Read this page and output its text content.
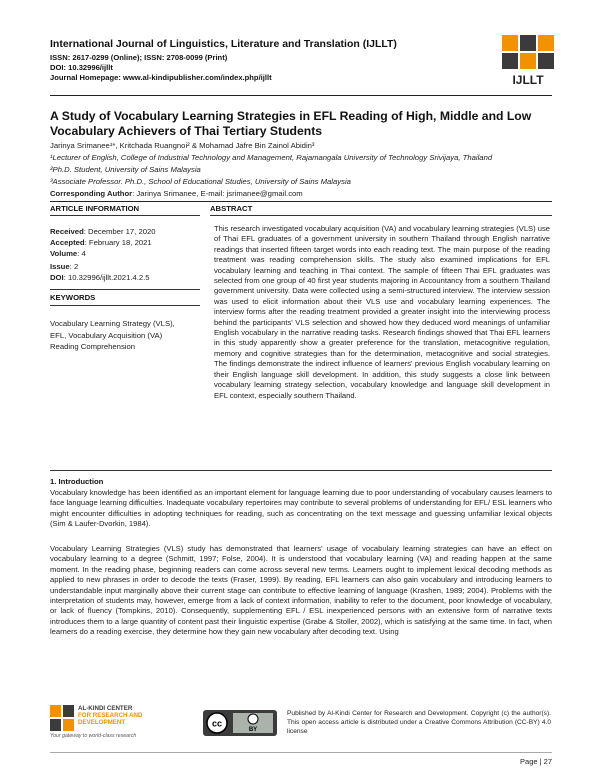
International Journal of Linguistics, Literature and Translation (IJLLT)
ISSN: 2617-0299 (Online); ISSN: 2708-0099 (Print)
DOI: 10.32996/ijllt
Journal Homepage: www.al-kindipublisher.com/index.php/ijllt	IJLLT
A Study of Vocabulary Learning Strategies in EFL Reading of High, Middle and Low Vocabulary Achievers of Thai Tertiary Students
Jarinya Srimanee¹*, Kritchada Ruangnoi² & Mohamad Jafre Bin Zainol Abidin³
¹Lecturer of English, College of Industrial Technology and Management, Rajamangala University of Technology Srivijaya, Thailand
²Ph.D. Student, University of Sains Malaysia
³Associate Professor. Ph.D., School of Educational Studies, University of Sains Malaysia
Corresponding Author: Jarinya Srimanee, E-mail: jsrimanee@gmail.com
ARTICLE INFORMATION	ABSTRACT
Received: December 17, 2020
Accepted: February 18, 2021
Volume: 4
Issue: 2
DOI: 10.32996/ijllt.2021.4.2.5
KEYWORDS
Vocabulary Learning Strategy (VLS), EFL, Vocabulary Acquisition (VA) Reading Comprehension
This research investigated vocabulary acquisition (VA) and vocabulary learning strategies (VLS) use of Thai EFL graduates of a government university in southern Thailand through English narrative readings that inserted fifteen target words into each reading text. The main purpose of the reading treatment was reading comprehension skills. The study also examined implications for EFL vocabulary learning and teaching in Thai context. The sample of fifteen Thai EFL graduates was selected from one group of 40 first year students majoring in Accountancy from a southern Thailand government university. Data were collected using a semi-structured interview. The interview session was used to elicit information about their VLS use and vocabulary learning experiences. The interview forms after the reading treatment provided a greater insight into the interviewing process behind the participants' VLS selection and showed how they deduced word meanings of unfamiliar English vocabulary in the narrative reading tasks. Research findings showed that Thai EFL learners in this study apparently show a greater preference for the translation, metacognitive regulation, memory and cognitive strategies than for the determination, metacognitive and social strategies. The findings demonstrate the indirect influence of learners' previous English vocabulary learning on their English language skill development. In addition, this study suggests a close link between vocabulary learning strategy selection, vocabulary knowledge and language skill development in EFL context, especially southern Thailand.
1. Introduction
Vocabulary knowledge has been identified as an important element for language learning due to poor understanding of vocabulary causes learners to face language learning difficulties. Inadequate vocabulary repertoires may contribute to several problems of understanding for EFL/ ESL learners who might encounter difficulties in adopting techniques for reading, such as concentrating on the text message and guessing unfamiliar lexical objects (Sim & Laufer-Dvorkin, 1984).
Vocabulary Learning Strategies (VLS) study has demonstrated that learners' usage of vocabulary learning strategies can have an effect on vocabulary learning to a degree (Schmitt, 1997; Folse, 2004). It is understood that vocabulary learning (VA) and reading happen at the same moment. In the reading phase, beginning readers can come across several new terms. Learners ought to implement lexical decoding methods as applied to new phrases in order to decode the texts (Fraser, 1999). By reading, EFL learners can also gain vocabulary and introducing learners to understandable input marginally above their current stage can contribute to effective learning of language (Krashen, 1989; 2004). Problems with the interpretation of students may, however, emerge from a lack of context information, inability to refer to the document, poor knowledge of vocabulary, or lack of fluency (Tompkins, 2010). Consequently, supplementing EFL / ESL inexperienced persons with an extensive form of narrative texts introduces them to a large quantity of content past their linguistic expertise (Grabe & Stoller, 2002), which is satisfying at the same time. In fact, when learners do a reading exercise, they determine how they gain new vocabulary after decoding text. Using
AL-KINDI CENTER
FOR RESEARCH AND
DEVELOPMENT
Your gateway to world-class research
cc
BY
Published by Al-Kindi Center for Research and Development. Copyright (c) the author(s). This open access article is distributed under a Creative Commons Attribution (CC-BY) 4.0 license
Page | 27
